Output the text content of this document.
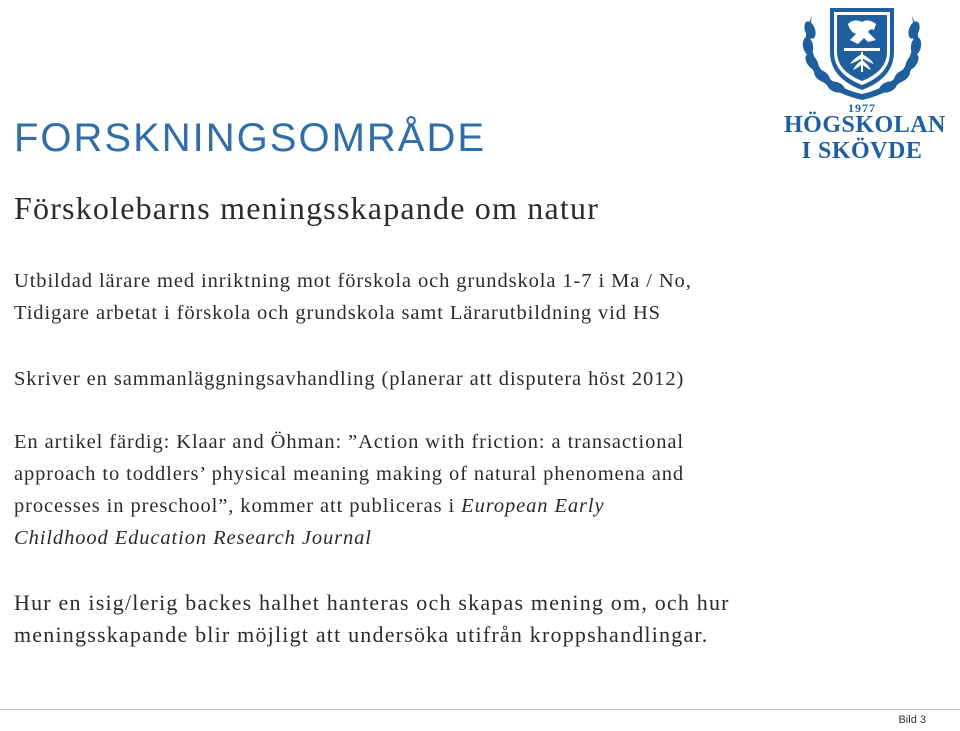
1977
HÖGSKOLAN
I SKÖVDE
FORSKNINGSOMRÅDE
Förskolebarns meningsskapande om natur

Utbildad lärare med inriktning mot förskola och grundskola 1-7 i Ma / No,
Tidigare arbetat i förskola och grundskola samt Lärarutbildning vid HS

Skriver en sammanläggningsavhandling (planerar att disputera höst 2012)

En artikel färdig: Klaar and Öhman: ”Action with friction: a transactional
approach to toddlers’ physical meaning making of natural phenomena and
processes in preschool”, kommer att publiceras i European Early
Childhood Education Research Journal

Hur en isig/lerig backes halhet hanteras och skapas mening om, och hur
meningsskapande blir möjligt att undersöka utifrån kroppshandlingar.

Bild 3
